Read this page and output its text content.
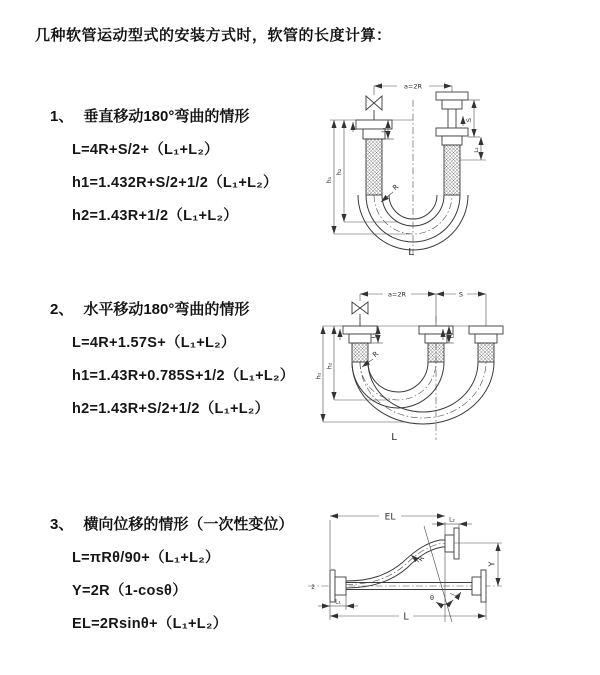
几种软管运动型式的安装方式时，软管的长度计算：
1、 垂直移动180°弯曲的情形
L=4R+S/2+（L₁+L₂）
h1=1.432R+S/2+1/2（L₁+L₂）
h2=1.43R+1/2（L₁+L₂）
2、 水平移动180°弯曲的情形
L=4R+1.57S+（L₁+L₂）
h1=1.43R+0.785S+1/2（L₁+L₂）
h2=1.43R+S/2+1/2（L₁+L₂）
3、 横向位移的情形（一次性变位）
L=πRθ/90+（L₁+L₂）
Y=2R（1-cosθ）
EL=2Rsinθ+（L₁+L₂）
a=2R
h₁
h₂
L₁
S
L₂
R
L
a=2R	S
h₁
h₂
L₁	L₂
R
L
z̄
EL	L₂
Y
θ
R
L₁
L
